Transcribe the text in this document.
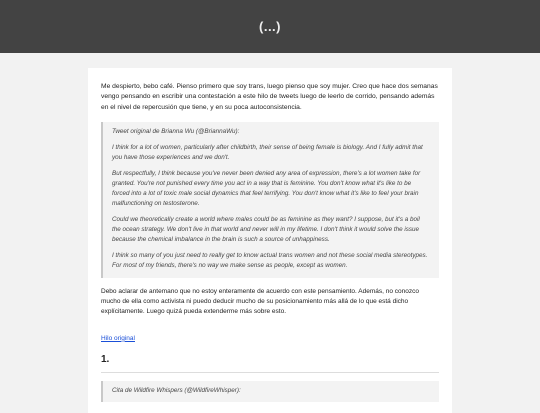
(...)

Me despierto, bebo café. Pienso primero que soy trans, luego pienso que soy mujer. Creo que hace dos semanas vengo pensando en escribir una contestación a este hilo de tweets luego de leerlo de corrido, pensando además en el nivel de repercusión que tiene, y en su poca autoconsistencia.

Tweet original de Brianna Wu (@BriannaWu):

I think for a lot of women, particularly after childbirth, their sense of being female is biology. And I fully admit that you have those experiences and we don't.

But respectfully, I think because you've never been denied any area of expression, there's a lot women take for granted. You're not punished every time you act in a way that is feminine. You don't know what it's like to be forced into a lot of toxic male social dynamics that feel terrifying. You don't know what it's like to feel your brain malfunctioning on testosterone.

Could we theoretically create a world where males could be as feminine as they want? I suppose, but it's a boil the ocean strategy. We don't live in that world and never will in my lifetime. I don't think it would solve the issue because the chemical imbalance in the brain is such a source of unhappiness.

I think so many of you just need to really get to know actual trans women and not these social media stereotypes. For most of my friends, there's no way we make sense as people, except as women.

Debo aclarar de antemano que no estoy enteramente de acuerdo con este pensamiento. Además, no conozco mucho de ella como activista ni puedo deducir mucho de su posicionamiento más allá de lo que está dicho explícitamente. Luego quizá pueda extenderme más sobre esto.

Hilo original
1.

Cita de Wildfire Whispers (@WildfireWhisper):
